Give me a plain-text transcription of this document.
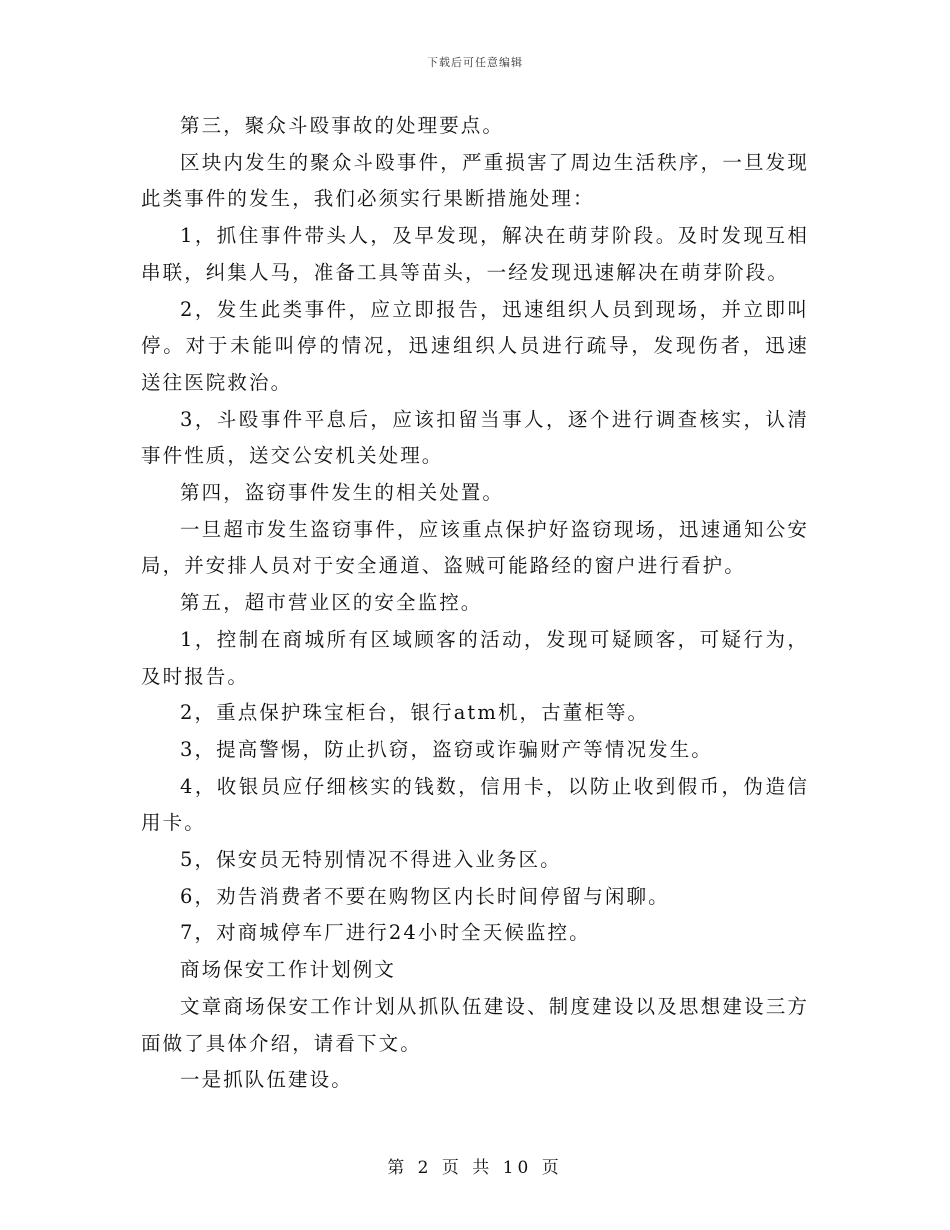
下载后可任意编辑

第三，聚众斗殴事故的处理要点。

区块内发生的聚众斗殴事件，严重损害了周边生活秩序，一旦发现此类事件的发生，我们必须实行果断措施处理：

1，抓住事件带头人，及早发现，解决在萌芽阶段。及时发现互相串联，纠集人马，准备工具等苗头，一经发现迅速解决在萌芽阶段。

2，发生此类事件，应立即报告，迅速组织人员到现场，并立即叫停。对于未能叫停的情况，迅速组织人员进行疏导，发现伤者，迅速送往医院救治。

3，斗殴事件平息后，应该扣留当事人，逐个进行调查核实，认清事件性质，送交公安机关处理。

第四，盗窃事件发生的相关处置。

一旦超市发生盗窃事件，应该重点保护好盗窃现场，迅速通知公安局，并安排人员对于安全通道、盗贼可能路经的窗户进行看护。

第五，超市营业区的安全监控。

1，控制在商城所有区域顾客的活动，发现可疑顾客，可疑行为，及时报告。

2，重点保护珠宝柜台，银行atm机，古董柜等。

3，提高警惕，防止扒窃，盗窃或诈骗财产等情况发生。

4，收银员应仔细核实的钱数，信用卡，以防止收到假币，伪造信用卡。

5，保安员无特别情况不得进入业务区。

6，劝告消费者不要在购物区内长时间停留与闲聊。

7，对商城停车厂进行24小时全天候监控。

商场保安工作计划例文

文章商场保安工作计划从抓队伍建设、制度建设以及思想建设三方面做了具体介绍，请看下文。

一是抓队伍建设。

第 2 页 共 10 页
